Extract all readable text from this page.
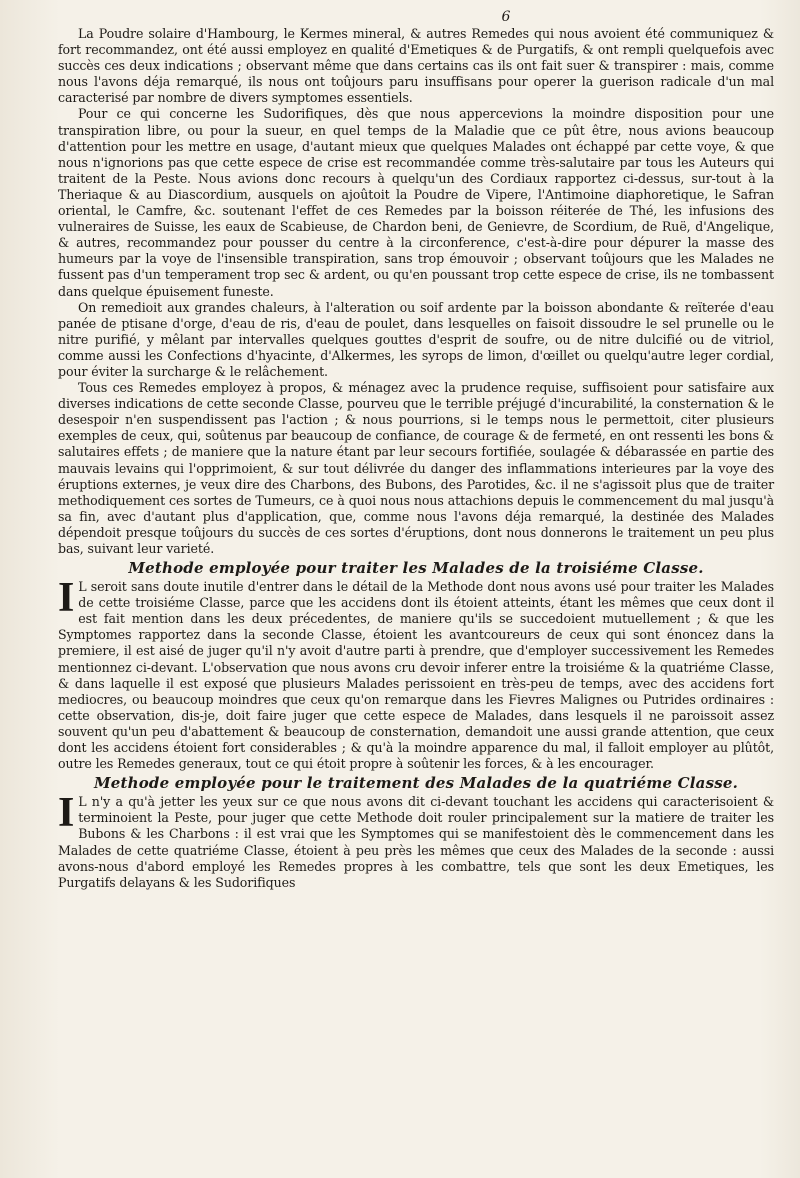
6

La Poudre solaire d'Hambourg, le Kermes mineral, & autres Remedes qui nous avoient été communiquez & fort recommandez, ont été aussi employez en qualité d'Emetiques & de Purgatifs, & ont rempli quelquefois avec succès ces deux indications ; observant même que dans certains cas ils ont fait suer & transpirer : mais, comme nous l'avons déja remarqué, ils nous ont toûjours paru insuffisans pour operer la guerison radicale d'un mal caracterisé par nombre de divers symptomes essentiels.

Pour ce qui concerne les Sudorifiques, dès que nous appercevions la moindre disposition pour une transpiration libre, ou pour la sueur, en quel temps de la Maladie que ce pût être, nous avions beaucoup d'attention pour les mettre en usage, d'autant mieux que quelques Malades ont échappé par cette voye, & que nous n'ignorions pas que cette espece de crise est recommandée comme très-salutaire par tous les Auteurs qui traitent de la Peste. Nous avions donc recours à quelqu'un des Cordiaux rapportez ci-dessus, sur-tout à la Theriaque & au Diascordium, ausquels on ajoûtoit la Poudre de Vipere, l'Antimoine diaphoretique, le Safran oriental, le Camfre, &c. soutenant l'effet de ces Remedes par la boisson réiterée de Thé, les infusions des vulneraires de Suisse, les eaux de Scabieuse, de Chardon beni, de Genievre, de Scordium, de Ruë, d'Angelique, & autres, recommandez pour pousser du centre à la circonference, c'est-à-dire pour dépurer la masse des humeurs par la voye de l'insensible transpiration, sans trop émouvoir ; observant toûjours que les Malades ne fussent pas d'un temperament trop sec & ardent, ou qu'en poussant trop cette espece de crise, ils ne tombassent dans quelque épuisement funeste.

On remedioit aux grandes chaleurs, à l'alteration ou soif ardente par la boisson abondante & reïterée d'eau panée de ptisane d'orge, d'eau de ris, d'eau de poulet, dans lesquelles on faisoit dissoudre le sel prunelle ou le nitre purifié, y mêlant par intervalles quelques gouttes d'esprit de soufre, ou de nitre dulcifié ou de vitriol, comme aussi les Confections d'hyacinte, d'Alkermes, les syrops de limon, d'œillet ou quelqu'autre leger cordial, pour éviter la surcharge & le relâchement.

Tous ces Remedes employez à propos, & ménagez avec la prudence requise, suffisoient pour satisfaire aux diverses indications de cette seconde Classe, pourveu que le terrible préjugé d'incurabilité, la consternation & le desespoir n'en suspendissent pas l'action ; & nous pourrions, si le temps nous le permettoit, citer plusieurs exemples de ceux, qui, soûtenus par beaucoup de confiance, de courage & de fermeté, en ont ressenti les bons & salutaires effets ; de maniere que la nature étant par leur secours fortifiée, soulagée & débarassée en partie des mauvais levains qui l'opprimoient, & sur tout délivrée du danger des inflammations interieures par la voye des éruptions externes, je veux dire des Charbons, des Bubons, des Parotides, &c. il ne s'agissoit plus que de traiter methodiquement ces sortes de Tumeurs, ce à quoi nous nous attachions depuis le commencement du mal jusqu'à sa fin, avec d'autant plus d'application, que, comme nous l'avons déja remarqué, la destinée des Malades dépendoit presque toûjours du succès de ces sortes d'éruptions, dont nous donnerons le traitement un peu plus bas, suivant leur varieté.

Methode employée pour traiter les Malades de la troisiéme Classe.

I L seroit sans doute inutile d'entrer dans le détail de la Methode dont nous avons usé pour traiter les Malades de cette troisiéme Classe, parce que les accidens dont ils étoient atteints, étant les mêmes que ceux dont il est fait mention dans les deux précedentes, de maniere qu'ils se succedoient mutuellement ; & que les Symptomes rapportez dans la seconde Classe, étoient les avantcoureurs de ceux qui sont énoncez dans la premiere, il est aisé de juger qu'il n'y avoit d'autre parti à prendre, que d'employer successivement les Remedes mentionnez ci-devant. L'observation que nous avons cru devoir inferer entre la troisiéme & la quatriéme Classe, & dans laquelle il est exposé que plusieurs Malades perissoient en très-peu de temps, avec des accidens fort mediocres, ou beaucoup moindres que ceux qu'on remarque dans les Fievres Malignes ou Putrides ordinaires : cette observation, dis-je, doit faire juger que cette espece de Malades, dans lesquels il ne paroissoit assez souvent qu'un peu d'abattement & beaucoup de consternation, demandoit une aussi grande attention, que ceux dont les accidens étoient fort considerables ; & qu'à la moindre apparence du mal, il falloit employer au plûtôt, outre les Remedes generaux, tout ce qui étoit propre à soûtenir les forces, & à les encourager.

Methode employée pour le traitement des Malades de la quatriéme Classe.

I L n'y a qu'à jetter les yeux sur ce que nous avons dit ci-devant touchant les accidens qui caracterisoient & terminoient la Peste, pour juger que cette Methode doit rouler principalement sur la matiere de traiter les Bubons & les Charbons : il est vrai que les Symptomes qui se manifestoient dès le commencement dans les Malades de cette quatriéme Classe, étoient à peu près les mêmes que ceux des Malades de la seconde : aussi avons-nous d'abord employé les Remedes propres à les combattre, tels que sont les deux Emetiques, les Purgatifs delayans & les Sudorifiques
